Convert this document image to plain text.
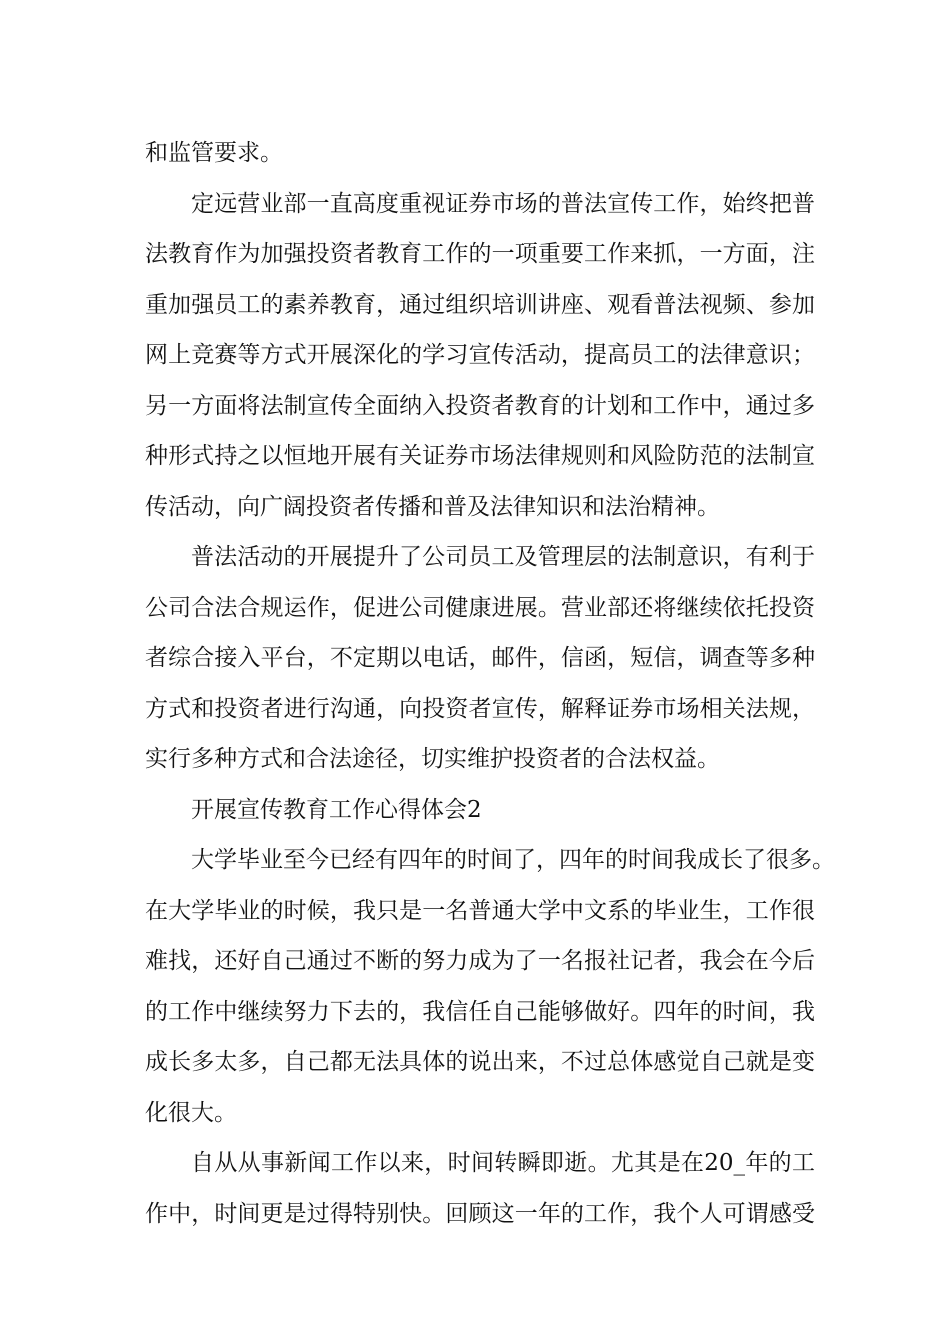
和监管要求。
定远营业部一直高度重视证券市场的普法宣传工作，始终把普
法教育作为加强投资者教育工作的一项重要工作来抓，一方面，注
重加强员工的素养教育，通过组织培训讲座、观看普法视频、参加
网上竞赛等方式开展深化的学习宣传活动，提高员工的法律意识；
另一方面将法制宣传全面纳入投资者教育的计划和工作中，通过多
种形式持之以恒地开展有关证券市场法律规则和风险防范的法制宣
传活动，向广阔投资者传播和普及法律知识和法治精神。
普法活动的开展提升了公司员工及管理层的法制意识，有利于
公司合法合规运作，促进公司健康进展。营业部还将继续依托投资
者综合接入平台，不定期以电话，邮件，信函，短信，调查等多种
方式和投资者进行沟通，向投资者宣传，解释证券市场相关法规，
实行多种方式和合法途径，切实维护投资者的合法权益。
开展宣传教育工作心得体会2
大学毕业至今已经有四年的时间了，四年的时间我成长了很多。
在大学毕业的时候，我只是一名普通大学中文系的毕业生，工作很
难找，还好自己通过不断的努力成为了一名报社记者，我会在今后
的工作中继续努力下去的，我信任自己能够做好。四年的时间，我
成长多太多，自己都无法具体的说出来，不过总体感觉自己就是变
化很大。
自从从事新闻工作以来，时间转瞬即逝。尤其是在20_年的工
作中，时间更是过得特别快。回顾这一年的工作，我个人可谓感受
